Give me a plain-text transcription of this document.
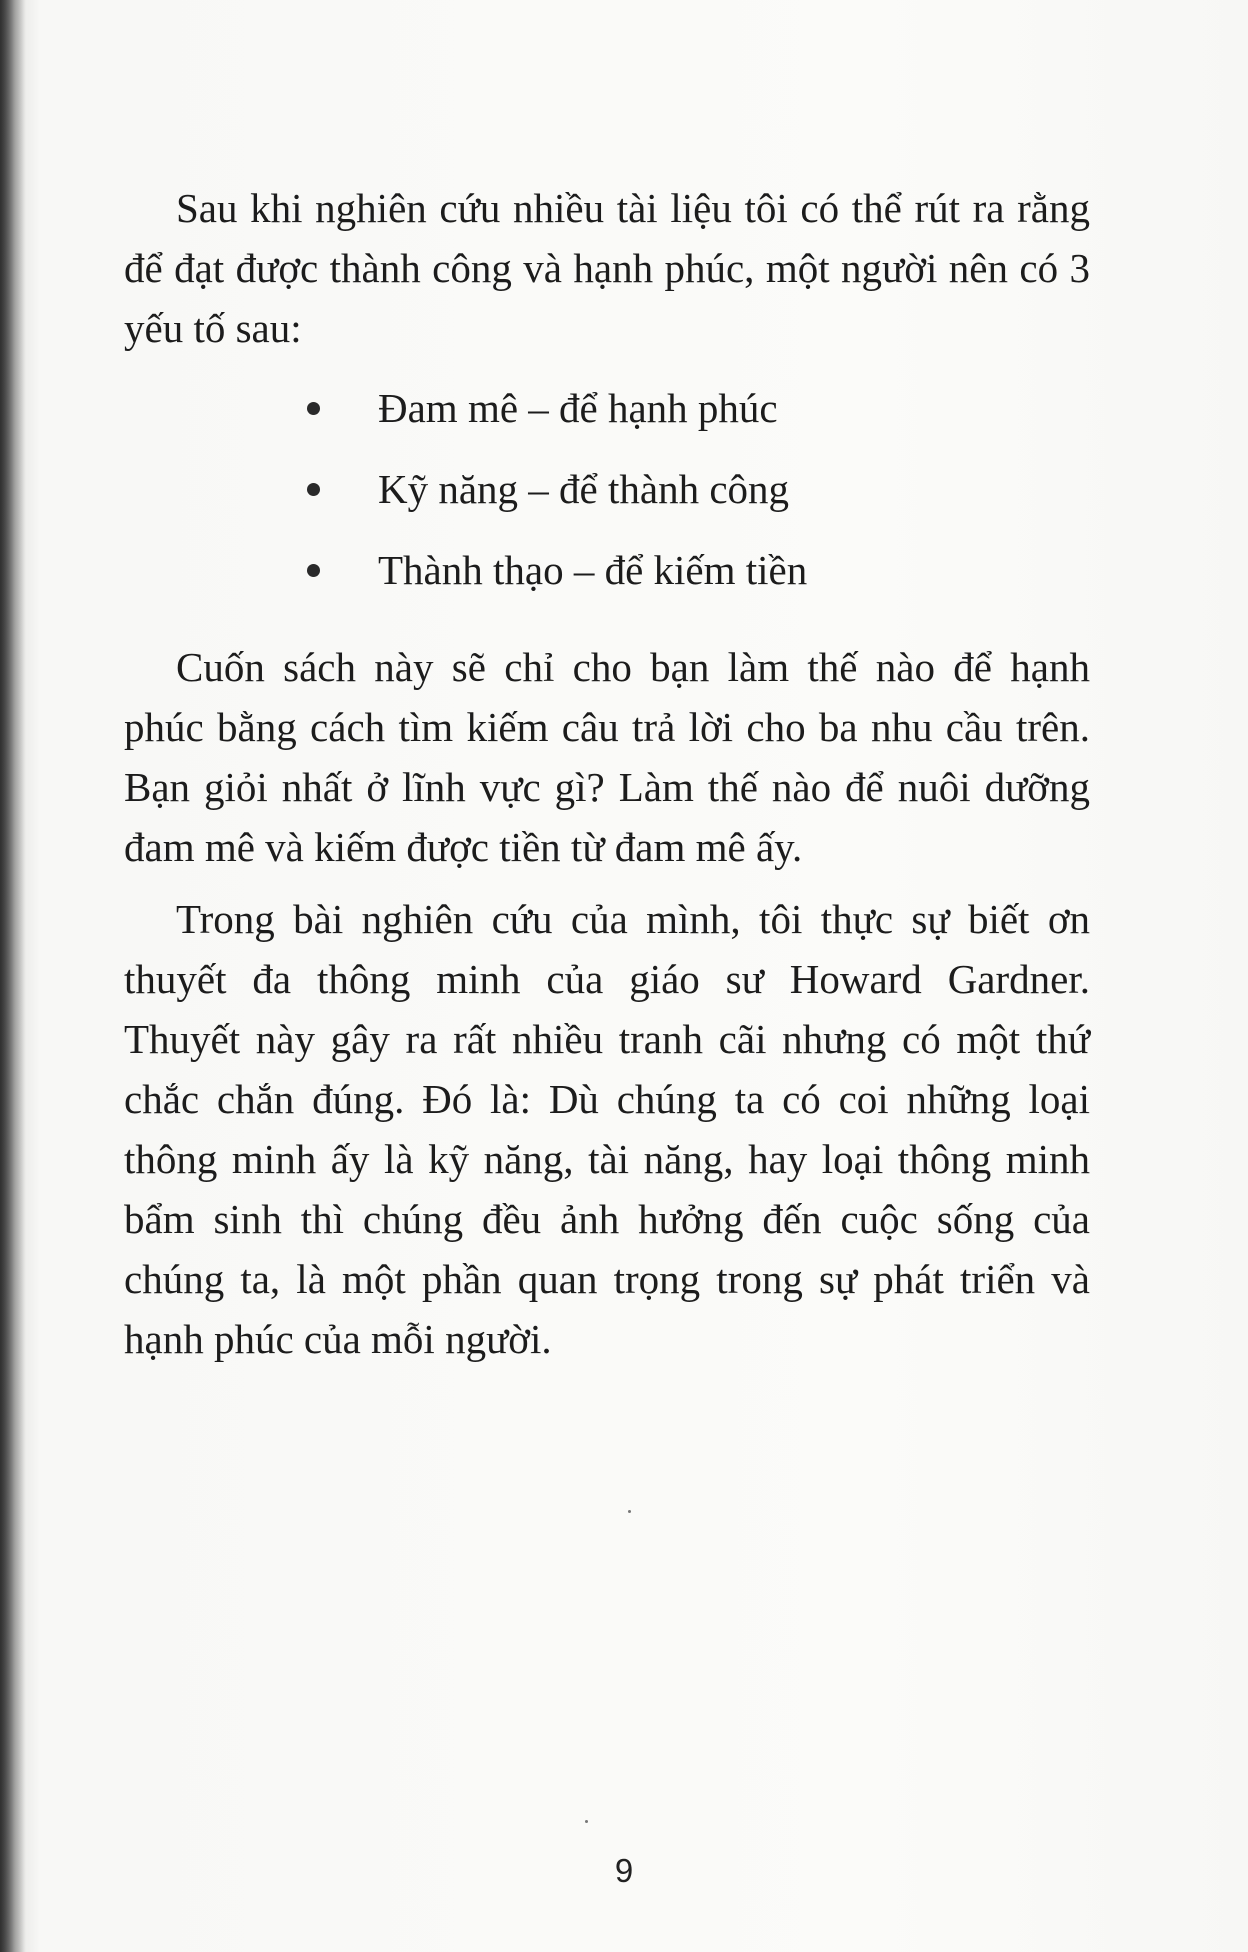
Sau khi nghiên cứu nhiều tài liệu tôi có thể rút ra rằng để đạt được thành công và hạnh phúc, một người nên có 3 yếu tố sau:

Đam mê – để hạnh phúc
Kỹ năng – để thành công
Thành thạo – để kiếm tiền

Cuốn sách này sẽ chỉ cho bạn làm thế nào để hạnh phúc bằng cách tìm kiếm câu trả lời cho ba nhu cầu trên. Bạn giỏi nhất ở lĩnh vực gì? Làm thế nào để nuôi dưỡng đam mê và kiếm được tiền từ đam mê ấy.

Trong bài nghiên cứu của mình, tôi thực sự biết ơn thuyết đa thông minh của giáo sư Howard Gardner. Thuyết này gây ra rất nhiều tranh cãi nhưng có một thứ chắc chắn đúng. Đó là: Dù chúng ta có coi những loại thông minh ấy là kỹ năng, tài năng, hay loại thông minh bẩm sinh thì chúng đều ảnh hưởng đến cuộc sống của chúng ta, là một phần quan trọng trong sự phát triển và hạnh phúc của mỗi người.

9
